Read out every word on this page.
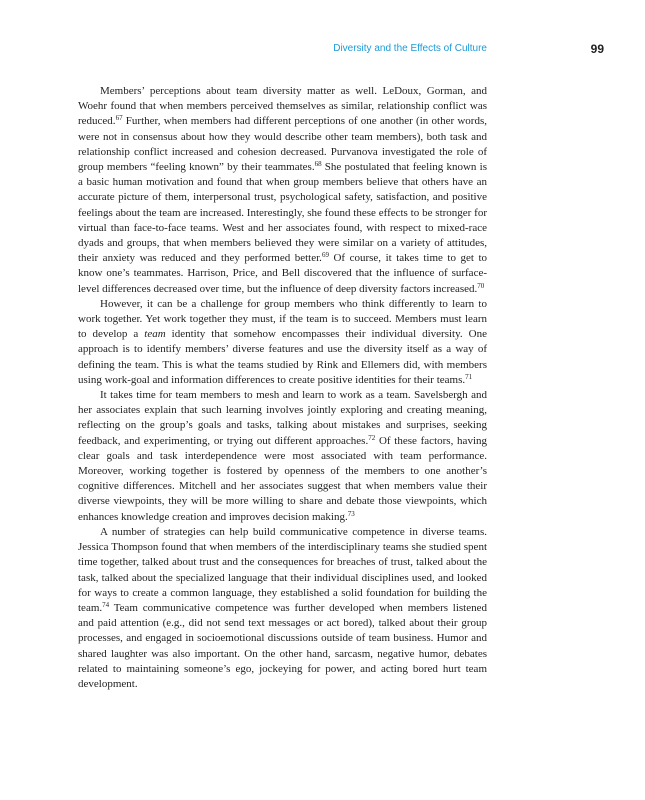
Diversity and the Effects of Culture	99

Members’ perceptions about team diversity matter as well. LeDoux, Gorman, and Woehr found that when members perceived themselves as similar, relationship conflict was reduced.$^{67}$ Further, when members had different perceptions of one another (in other words, were not in consensus about how they would describe other team members), both task and relationship conflict increased and cohesion decreased. Purvanova investigated the role of group members “feeling known” by their teammates.$^{68}$ She postulated that feeling known is a basic human motivation and found that when group members believe that others have an accurate picture of them, interpersonal trust, psychological safety, satisfaction, and positive feelings about the team are increased. Interestingly, she found these effects to be stronger for virtual than face-to-face teams. West and her associates found, with respect to mixed-race dyads and groups, that when members believed they were similar on a variety of attitudes, their anxiety was reduced and they performed better.$^{69}$ Of course, it takes time to get to know one’s teammates. Harrison, Price, and Bell discovered that the influence of surface-level differences decreased over time, but the influence of deep diversity factors increased.$^{70}$

However, it can be a challenge for group members who think differently to learn to work together. Yet work together they must, if the team is to succeed. Members must learn to develop a team identity that somehow encompasses their individual diversity. One approach is to identify members’ diverse features and use the diversity itself as a way of defining the team. This is what the teams studied by Rink and Ellemers did, with members using work-goal and information differences to create positive identities for their teams.$^{71}$

It takes time for team members to mesh and learn to work as a team. Savelsbergh and her associates explain that such learning involves jointly exploring and creating meaning, reflecting on the group’s goals and tasks, talking about mistakes and surprises, seeking feedback, and experimenting, or trying out different approaches.$^{72}$ Of these factors, having clear goals and task interdependence were most associated with team performance. Moreover, working together is fostered by openness of the members to one another’s cognitive differences. Mitchell and her associates suggest that when members value their diverse viewpoints, they will be more willing to share and debate those viewpoints, which enhances knowledge creation and improves decision making.$^{73}$

A number of strategies can help build communicative competence in diverse teams. Jessica Thompson found that when members of the interdisciplinary teams she studied spent time together, talked about trust and the consequences for breaches of trust, talked about the task, talked about the specialized language that their individual disciplines used, and looked for ways to create a common language, they established a solid foundation for building the team.$^{74}$ Team communicative competence was further developed when members listened and paid attention (e.g., did not send text messages or act bored), talked about their group processes, and engaged in socioemotional discussions outside of team business. Humor and shared laughter was also important. On the other hand, sarcasm, negative humor, debates related to maintaining someone’s ego, jockeying for power, and acting bored hurt team development.
